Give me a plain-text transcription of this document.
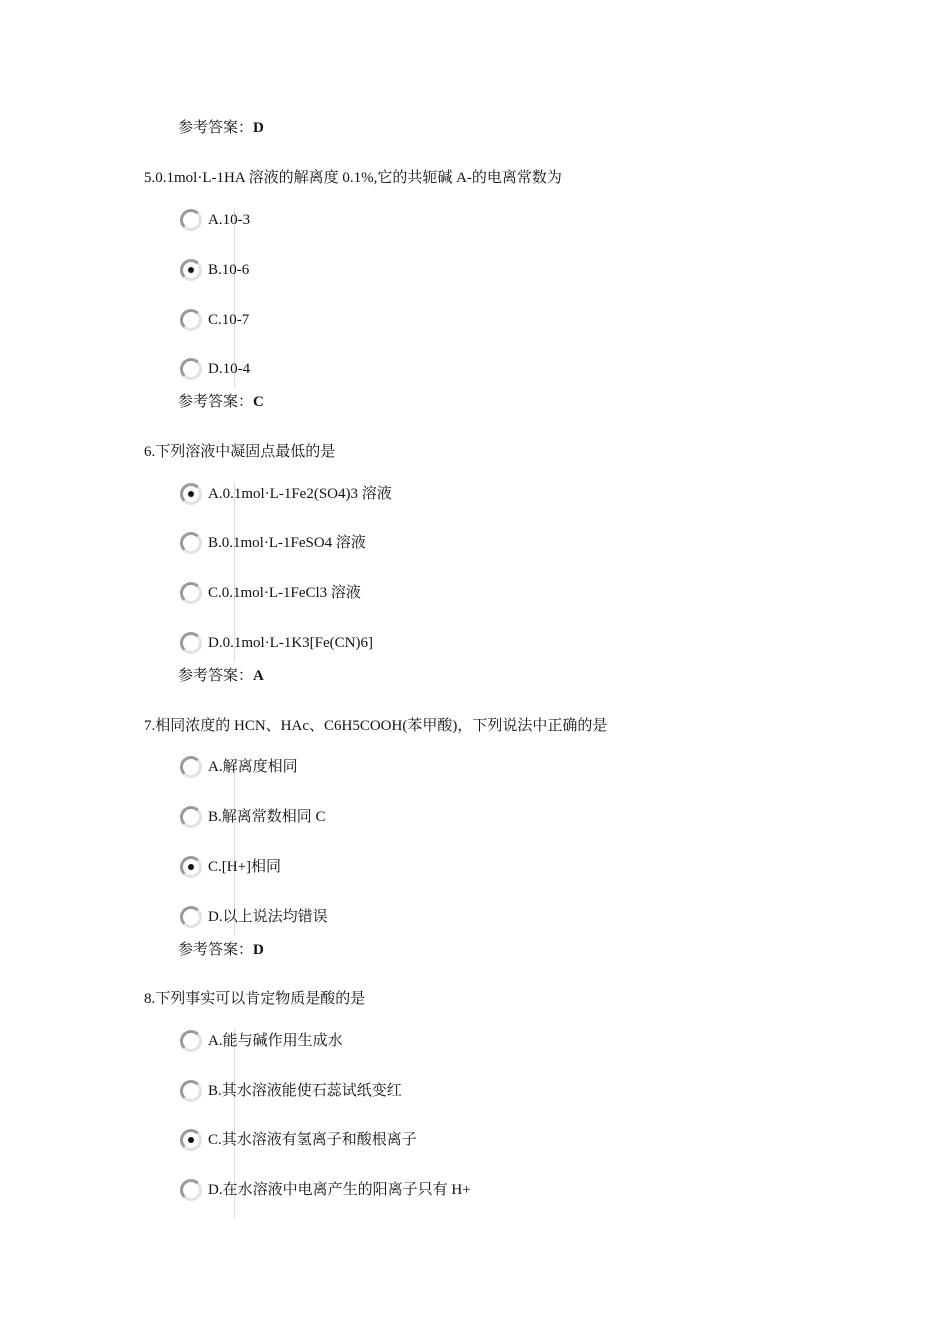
参考答案：D
5.0.1mol·L-1HA 溶液的解离度 0.1%,它的共轭碱 A-的电离常数为
A.10-3
B.10-6
C.10-7
D.10-4
参考答案：C
6.下列溶液中凝固点最低的是
A.0.1mol·L-1Fe2(SO4)3 溶液
B.0.1mol·L-1FeSO4 溶液
C.0.1mol·L-1FeCl3 溶液
D.0.1mol·L-1K3[Fe(CN)6]
参考答案：A
7.相同浓度的 HCN、HAc、C6H5COOH(苯甲酸)，下列说法中正确的是
A.解离度相同
B.解离常数相同 C
C.[H+]相同
D.以上说法均错误
参考答案：D
8.下列事实可以肯定物质是酸的是
A.能与碱作用生成水
B.其水溶液能使石蕊试纸变红
C.其水溶液有氢离子和酸根离子
D.在水溶液中电离产生的阳离子只有 H+
